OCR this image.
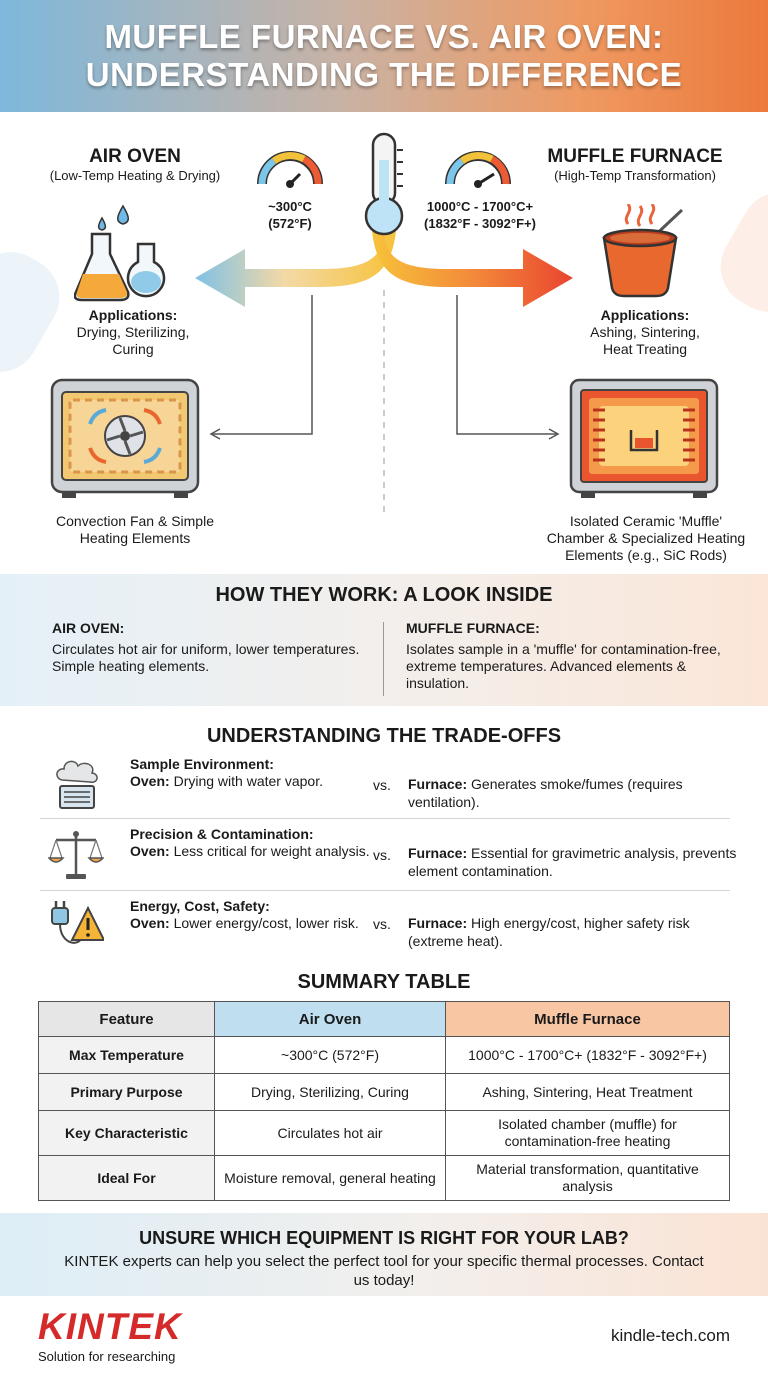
MUFFLE FURNACE VS. AIR OVEN:
UNDERSTANDING THE DIFFERENCE
AIR OVEN
(Low-Temp Heating & Drying)
~300°C
(572°F)
Applications:
Drying, Sterilizing,
Curing
Convection Fan & Simple
Heating Elements
MUFFLE FURNACE
(High-Temp Transformation)
1000°C - 1700°C+
(1832°F - 3092°F+)
Applications:
Ashing, Sintering,
Heat Treating
Isolated Ceramic 'Muffle'
Chamber & Specialized Heating
Elements (e.g., SiC Rods)
HOW THEY WORK: A LOOK INSIDE
AIR OVEN:
Circulates hot air for uniform, lower temperatures. Simple heating elements.
MUFFLE FURNACE:
Isolates sample in a 'muffle' for contamination-free, extreme temperatures. Advanced elements & insulation.
UNDERSTANDING THE TRADE-OFFS
Sample Environment:
Oven: Drying with water vapor.	vs. Furnace: Generates smoke/fumes (requires ventilation).
Precision & Contamination:
Oven: Less critical for weight analysis. vs. Furnace: Essential for gravimetric analysis, prevents element contamination.
Energy, Cost, Safety:
Oven: Lower energy/cost, lower risk.	vs. Furnace: High energy/cost, higher safety risk (extreme heat).
SUMMARY TABLE
Feature	Air Oven	Muffle Furnace
Max Temperature	~300°C (572°F)	1000°C - 1700°C+ (1832°F - 3092°F+)
Primary Purpose	Drying, Sterilizing, Curing	Ashing, Sintering, Heat Treatment
Key Characteristic	Circulates hot air	Isolated chamber (muffle) for contamination-free heating
Ideal For	Moisture removal, general heating	Material transformation, quantitative analysis
UNSURE WHICH EQUIPMENT IS RIGHT FOR YOUR LAB?

KINTEK experts can help you select the perfect tool for your specific thermal processes. Contact us today!

KINTEK
Solution for researching
kindle-tech.com
